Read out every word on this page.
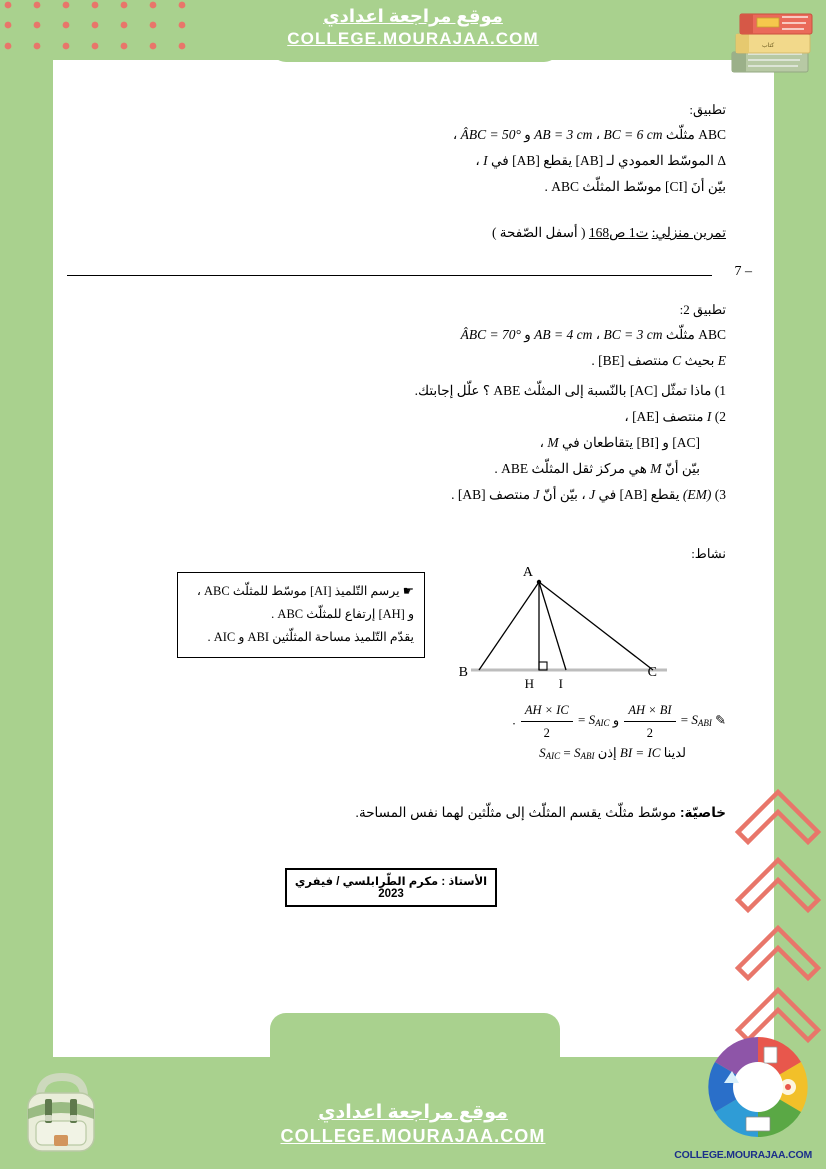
كتاب
COLLEGE.MOURAJAA.COM
موقع مراجعة اعدادي
COLLEGE.MOURAJAA.COM
موقع مراجعة اعدادي
COLLEGE.MOURAJAA.COM
تطبيق:
ABC مثلّث BC = 6 cm ، AB = 3 cm و ÂBC = 50° ،
Δ الموسّط العمودي لـ [AB] يقطع [AB] في I ،
بيّن أنَ [CI] موسّط المثلّث ABC .
تمرين منزلي: ت1 ص168 ( أسفل الصّفحة )
7 –
تطبيق 2:
ABC مثلّث BC = 3 cm ، AB = 4 cm و ÂBC = 70°
E بحيث C منتصف [BE] .
1) ماذا تمثّل [AC] بالنّسبة إلى المثلّث ABE ؟ علّل إجابتك.
2) I منتصف [AE] ،
[AC] و [BI] يتقاطعان في M ،
بيّن أنّ M هي مركز ثقل المثلّث ABE .
3) (EM) يقطع [AB] في J ، بيّن أنّ J منتصف [AB] .
نشاط:
☛ يرسم التّلميذ [AI] موسّط للمثلّث ABC ،
و [AH] إرتفاع للمثلّث ABC .
يقدّم التّلميذ مساحة المثلّثين ABI و AIC .
A
B	C
H I
✎ $S_{ABI}$ =
$\frac{AH \times BI}{2}$
و $S_{AIC}$ =
$\frac{AH \times IC}{2}$
.
لدينا BI = IC إذن $S_{ABI} = S_{AIC}$
خاصيّة: موسّط مثلّث يقسم المثلّث إلى مثلّثين لهما نفس المساحة.
الأستاذ : مكرم الطّرابلسي / فيفري 2023
